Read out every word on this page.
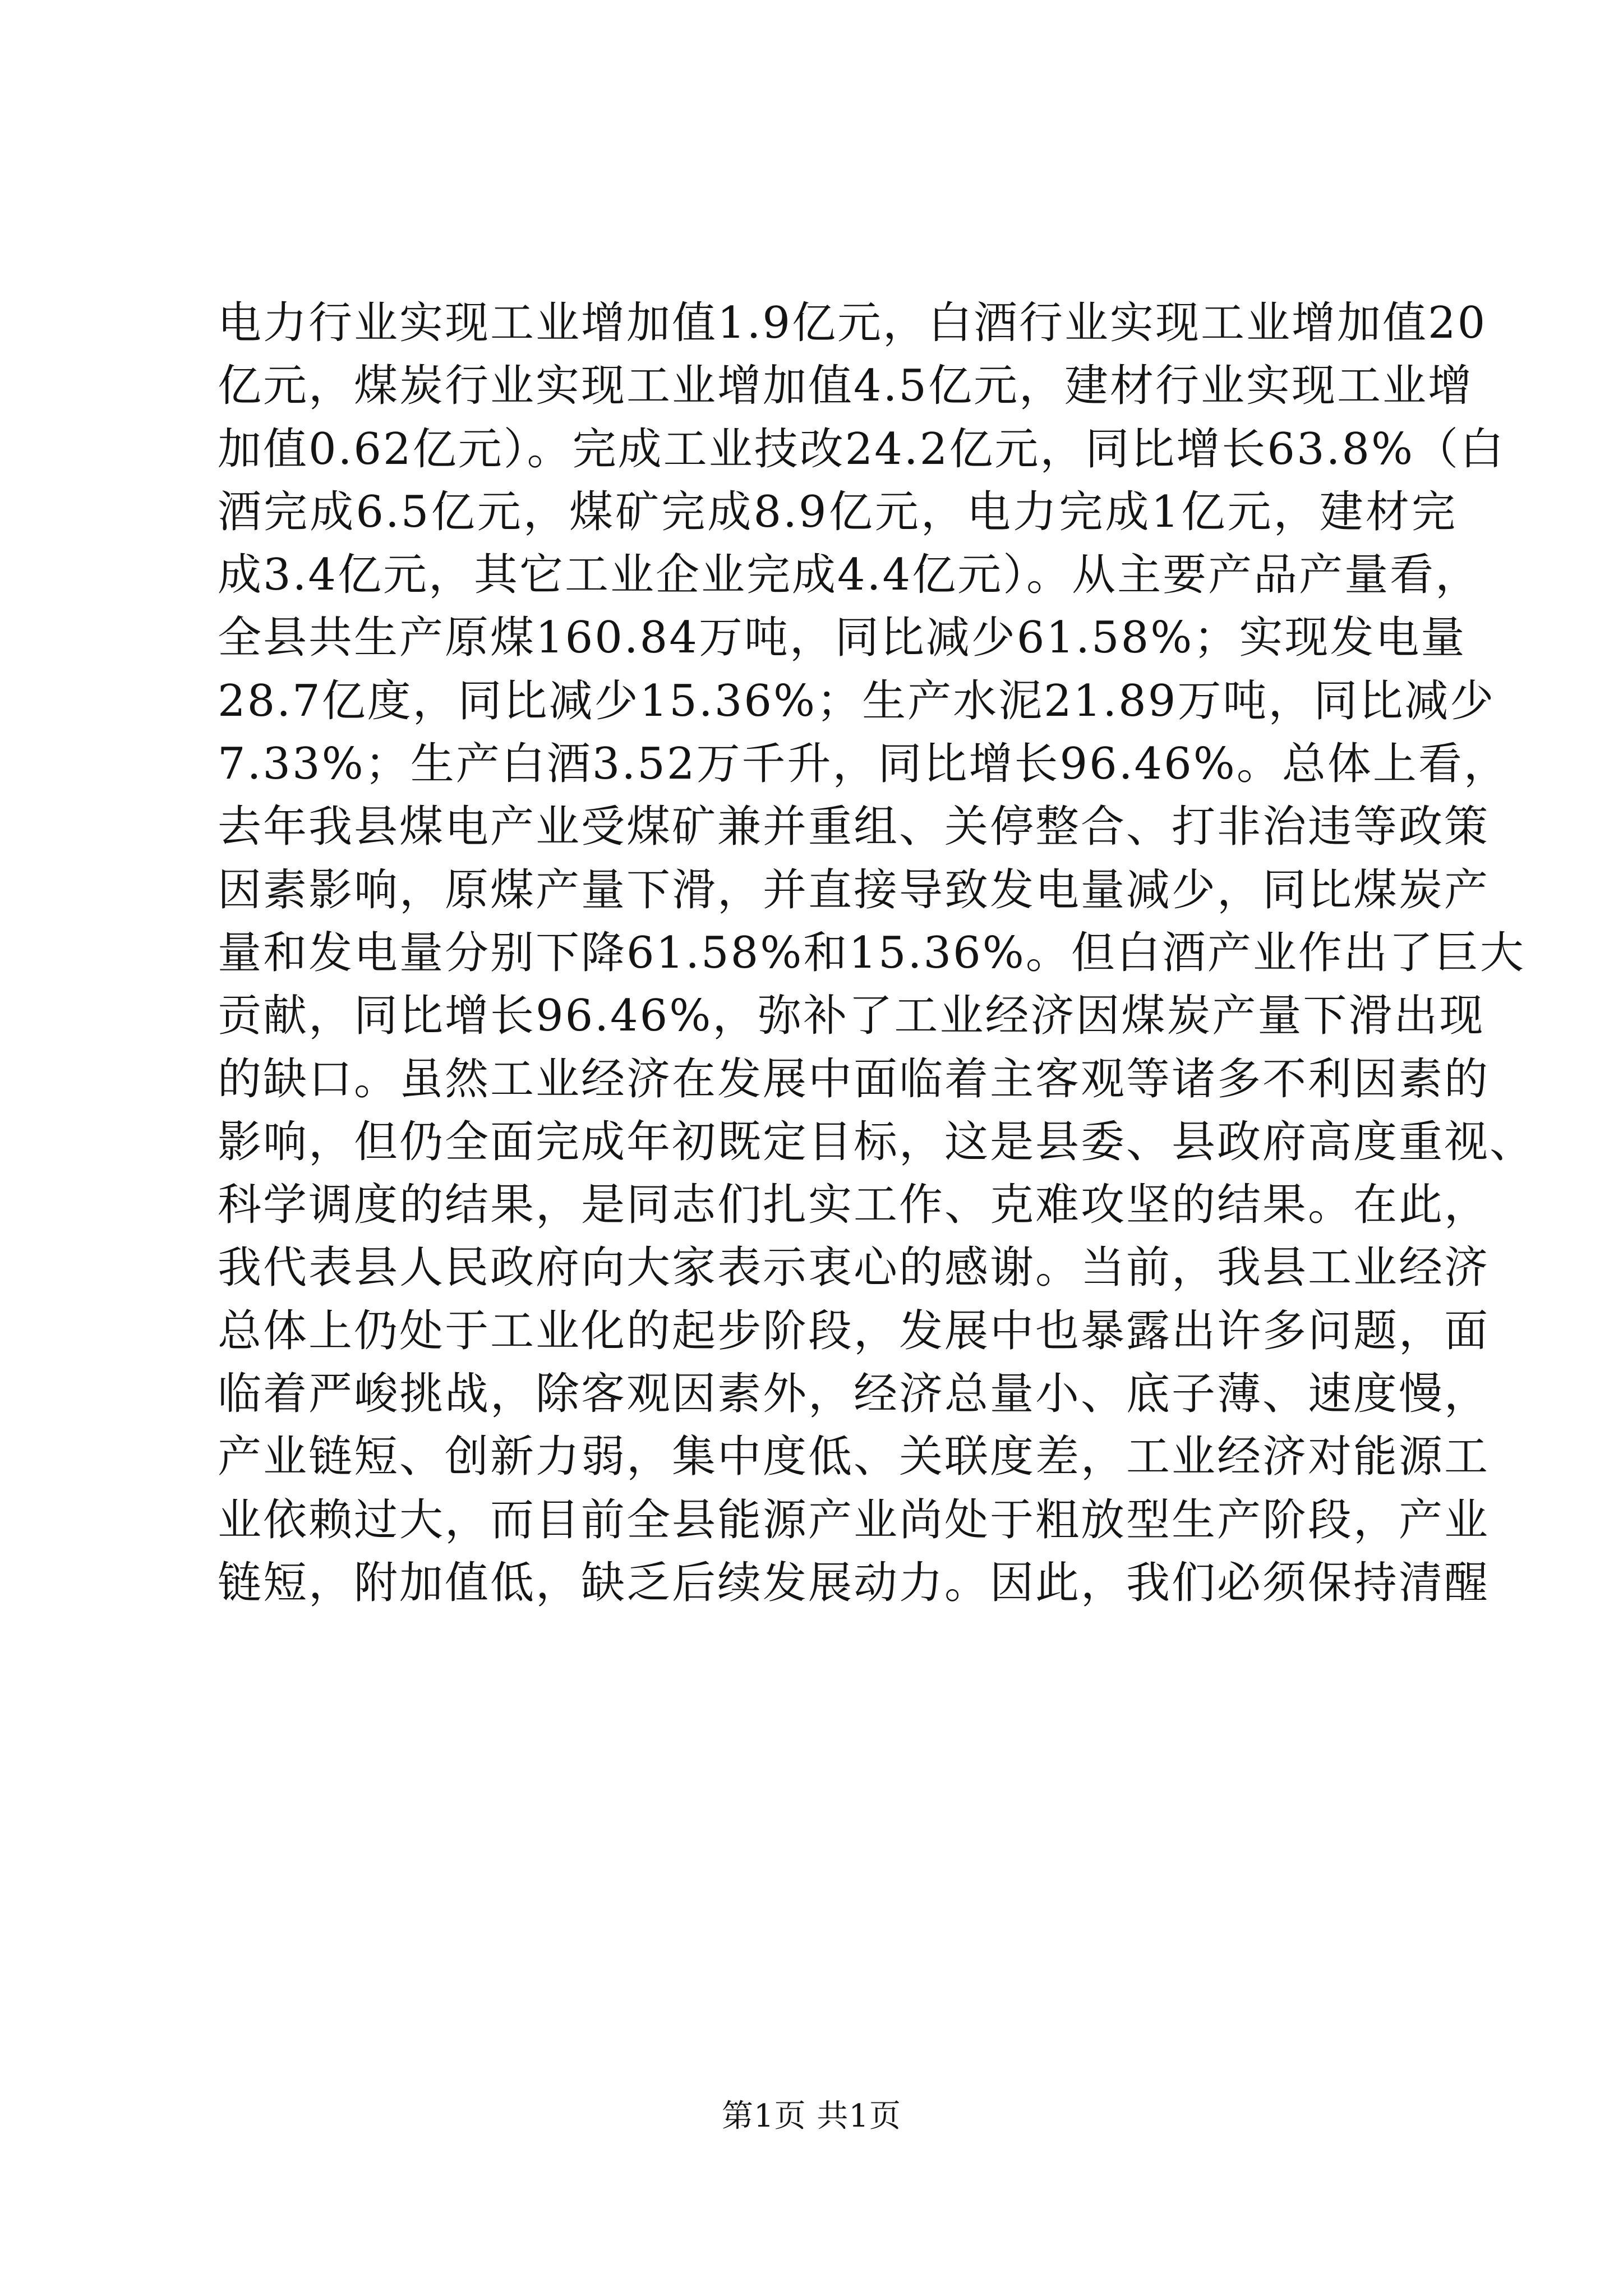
电力行业实现工业增加值1.9亿元，白酒行业实现工业增加值20
亿元，煤炭行业实现工业增加值4.5亿元，建材行业实现工业增
加值0.62亿元）。完成工业技改24.2亿元，同比增长63.8%（白
酒完成6.5亿元，煤矿完成8.9亿元，电力完成1亿元，建材完
成3.4亿元，其它工业企业完成4.4亿元）。从主要产品产量看，
全县共生产原煤160.84万吨，同比减少61.58%；实现发电量
28.7亿度，同比减少15.36%；生产水泥21.89万吨，同比减少
7.33%；生产白酒3.52万千升，同比增长96.46%。总体上看，
去年我县煤电产业受煤矿兼并重组、关停整合、打非治违等政策
因素影响，原煤产量下滑，并直接导致发电量减少，同比煤炭产
量和发电量分别下降61.58%和15.36%。但白酒产业作出了巨大
贡献，同比增长96.46%，弥补了工业经济因煤炭产量下滑出现
的缺口。虽然工业经济在发展中面临着主客观等诸多不利因素的
影响，但仍全面完成年初既定目标，这是县委、县政府高度重视、
科学调度的结果，是同志们扎实工作、克难攻坚的结果。在此，
我代表县人民政府向大家表示衷心的感谢。当前，我县工业经济
总体上仍处于工业化的起步阶段，发展中也暴露出许多问题，面
临着严峻挑战，除客观因素外，经济总量小、底子薄、速度慢，
产业链短、创新力弱，集中度低、关联度差，工业经济对能源工
业依赖过大，而目前全县能源产业尚处于粗放型生产阶段，产业
链短，附加值低，缺乏后续发展动力。因此，我们必须保持清醒
第1页 共1页
